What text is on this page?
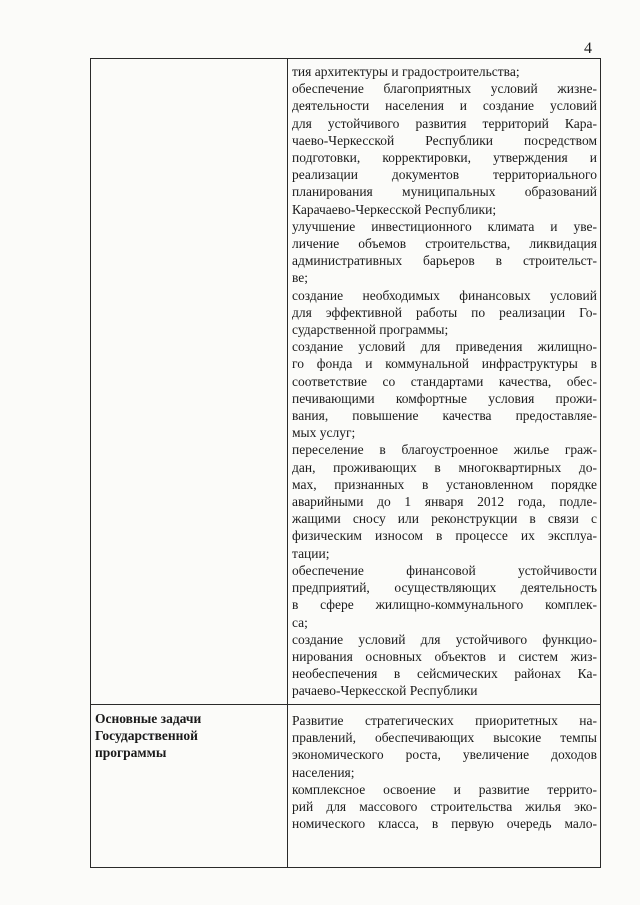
4
тия архитектуры и градостроительства;
обеспечение благоприятных условий жизне-
деятельности населения и создание условий
для устойчивого развития территорий Кара-
чаево-Черкесской Республики посредством
подготовки, корректировки, утверждения и
реализации документов территориального
планирования муниципальных образований
Карачаево-Черкесской Республики;
улучшение инвестиционного климата и уве-
личение объемов строительства, ликвидация
административных барьеров в строительст-
ве;
создание необходимых финансовых условий
для эффективной работы по реализации Го-
сударственной программы;
создание условий для приведения жилищно-
го фонда и коммунальной инфраструктуры в
соответствие со стандартами качества, обес-
печивающими комфортные условия прожи-
вания, повышение качества предоставляе-
мых услуг;
переселение в благоустроенное жилье граж-
дан, проживающих в многоквартирных до-
мах, признанных в установленном порядке
аварийными до 1 января 2012 года, подле-
жащими сносу или реконструкции в связи с
физическим износом в процессе их эксплуа-
тации;
обеспечение финансовой устойчивости
предприятий, осуществляющих деятельность
в сфере жилищно-коммунального комплек-
са;
создание условий для устойчивого функцио-
нирования основных объектов и систем жиз-
необеспечения в сейсмических районах Ка-
рачаево-Черкесской Республики
Основные задачи
Государственной
программы
Развитие стратегических приоритетных на-
правлений, обеспечивающих высокие темпы
экономического роста, увеличение доходов
населения;
комплексное освоение и развитие террито-
рий для массового строительства жилья эко-
номического класса, в первую очередь мало-
